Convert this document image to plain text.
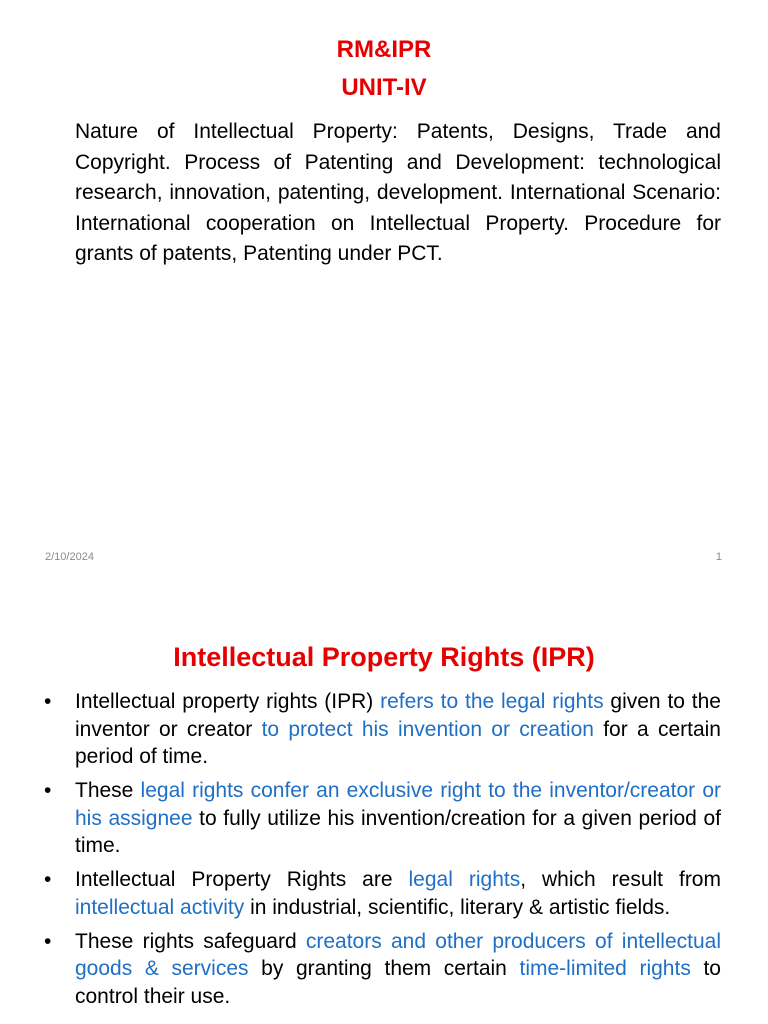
RM&IPR
UNIT-IV
Nature of Intellectual Property: Patents, Designs, Trade and Copyright. Process of Patenting and Development: technological research, innovation, patenting, development. International Scenario: International cooperation on Intellectual Property. Procedure for grants of patents, Patenting under PCT.
2/10/2024	1
Intellectual Property Rights (IPR)
• Intellectual property rights (IPR) refers to the legal rights given to the inventor or creator to protect his invention or creation for a certain period of time.
• These legal rights confer an exclusive right to the inventor/creator or his assignee to fully utilize his invention/creation for a given period of time.
• Intellectual Property Rights are legal rights, which result from intellectual activity in industrial, scientific, literary & artistic fields.
• These rights safeguard creators and other producers of intellectual goods & services by granting them certain time-limited rights to control their use.
